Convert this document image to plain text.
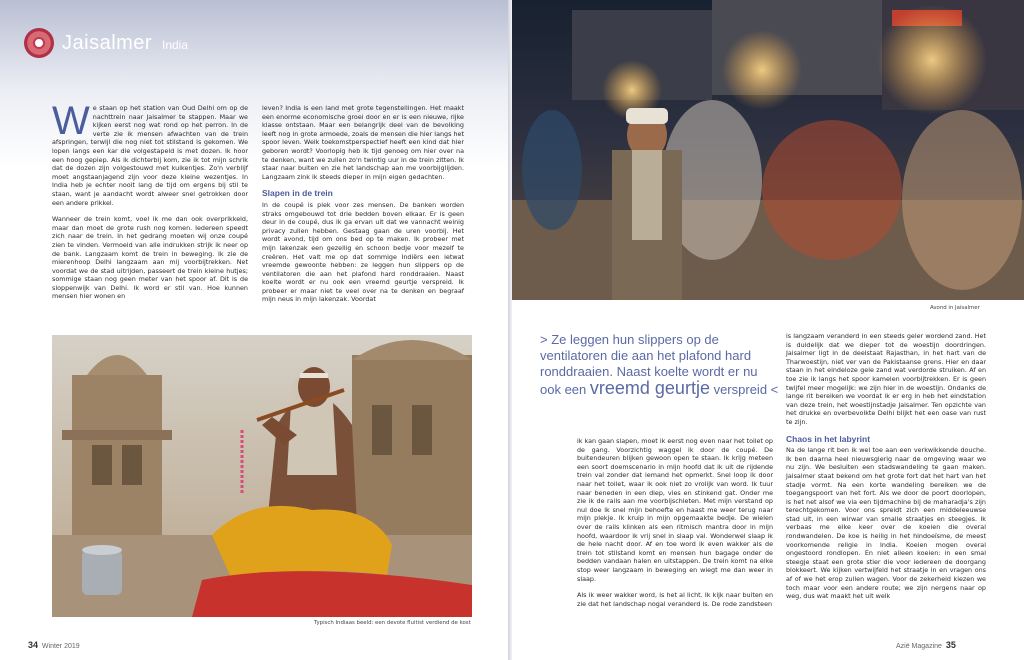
Jaisalmer India

We staan op het station van Oud Delhi om op de nachttrein naar Jaisalmer te stappen. Maar we kijken eerst nog wat rond op het perron. In de verte zie ik mensen afwachten van de trein afspringen, terwijl die nog niet tot stilstand is gekomen. We lopen langs een kar die volgestapeld is met dozen. Ik hoor een hoog gepiep. Als ik dichterbij kom, zie ik tot mijn schrik dat de dozen zijn volgestouwd met kuikentjes. Zo'n verblijf moet angstaanjagend zijn voor deze kleine wezentjes. In India heb je echter nooit lang de tijd om ergens bij stil te staan, want je aandacht wordt alweer snel getrokken door een andere prikkel.

Wanneer de trein komt, voel ik me dan ook overprikkeld, maar dan moet de grote rush nog komen. Iedereen speedt zich naar de trein. In het gedrang moeten wij onze coupé zien te vinden. Vermoeid van alle indrukken strijk ik neer op de bank. Langzaam komt de trein in beweging. Ik zie de mierenhoop Delhi langzaam aan mij voorbijtrekken. Net voordat we de stad uitrijden, passeert de trein kleine hutjes; sommige staan nog geen meter van het spoor af. Dit is de sloppenwijk van Delhi. Ik word er stil van. Hoe kunnen mensen hier wonen en

leven? India is een land met grote tegenstellingen. Het maakt een enorme economische groei door en er is een nieuwe, rijke klasse ontstaan. Maar een belangrijk deel van de bevolking leeft nog in grote armoede, zoals de mensen die hier langs het spoor leven. Welk toekomstperspectief heeft een kind dat hier geboren wordt? Voorlopig heb ik tijd genoeg om hier over na te denken, want we zullen zo'n twintig uur in de trein zitten. Ik staar naar buiten en zie het landschap aan me voorbijglijden. Langzaam zink ik steeds dieper in mijn eigen gedachten.

Slapen in de trein

In de coupé is plek voor zes mensen. De banken worden straks omgebouwd tot drie bedden boven elkaar. Er is geen deur in de coupé, dus ik ga ervan uit dat we vannacht weinig privacy zullen hebben. Gestaag gaan de uren voorbij. Het wordt avond, tijd om ons bed op te maken. Ik probeer met mijn lakenzak een gezellig en schoon bedje voor mezelf te creëren. Het valt me op dat sommige Indiërs een ietwat vreemde gewoonte hebben: ze leggen hun slippers op de ventilatoren die aan het plafond hard ronddraaien. Naast koelte wordt er nu ook een vreemd geurtje verspreid. Ik probeer er maar niet te veel over na te denken en begraaf mijn neus in mijn lakenzak. Voordat

Typisch Indiaas beeld: een devote fluitist verdiend de kost
34 Winter 2019
Avond in Jaisalmer
> Ze leggen hun slippers op de ventilatoren die aan het plafond hard ronddraaien. Naast koelte wordt er nu ook een vreemd geurtje verspreid <

ik kan gaan slapen, moet ik eerst nog even naar het toilet op de gang. Voorzichtig waggel ik door de coupé. De buitendeuren blijken gewoon open te staan. Ik krijg meteen een soort doemscenario in mijn hoofd dat ik uit de rijdende trein val zonder dat iemand het opmerkt. Snel loop ik door naar het toilet, waar ik ook niet zo vrolijk van word. Ik tuur naar beneden in een diep, vies en stinkend gat. Onder me zie ik de rails aan me voorbijschieten. Met mijn verstand op nul doe ik snel mijn behoefte en haast me weer terug naar mijn plekje. Ik kruip in mijn opgemaakte bedje. De wielen over de rails klinken als een ritmisch mantra door in mijn hoofd, waardoor ik vrij snel in slaap val. Wonderwel slaap ik de hele nacht door. Af en toe word ik even wakker als de trein tot stilstand komt en mensen hun bagage onder de bedden vandaan halen en uitstappen. De trein komt na elke stop weer langzaam in beweging en wiegt me dan weer in slaap.

Als ik weer wakker word, is het al licht. Ik kijk naar buiten en zie dat het landschap nogal veranderd is. De rode zandsteen

is langzaam veranderd in een steeds geler wordend zand. Het is duidelijk dat we dieper tot de woestijn doordringen. Jaisalmer ligt in de deelstaat Rajasthan, in het hart van de Tharwoestijn, niet ver van de Pakistaanse grens. Hier en daar staan in het eindeloze gele zand wat verdorde struiken. Af en toe zie ik langs het spoor kamelen voorbijtrekken. Er is geen twijfel meer mogelijk: we zijn hier in de woestijn. Ondanks de lange rit bereiken we voordat ik er erg in heb het eindstation van deze trein, het woestijnstadje Jaisalmer. Ten opzichte van het drukke en overbevolkte Delhi blijkt het een oase van rust te zijn.

Chaos in het labyrint

Na de lange rit ben ik wel toe aan een verkwikkende douche. Ik ben daarna heel nieuwsgierig naar de omgeving waar we nu zijn. We besluiten een stadswandeling te gaan maken. Jaisalmer staat bekend om het grote fort dat het hart van het stadje vormt. Na een korte wandeling bereiken we de toegangspoort van het fort. Als we door de poort doorlopen, is het net alsof we via een tijdmachine bij de maharadja's zijn terechtgekomen. Voor ons spreidt zich een middeleeuwse stad uit, in een wirwar van smalle straatjes en steegjes. Ik verbaas me elke keer over de koeien die overal rondwandelen. De koe is heilig in het hindoeïsme, de meest voorkomende religie in India. Koeien mogen overal ongestoord rondlopen. En niet alleen koeien: in een smal steegje staat een grote stier die voor iedereen de doorgang blokkeert. We kijken vertwijfeld het straatje in en vragen ons af of we het erop zullen wagen. Voor de zekerheid kiezen we toch maar voor een andere route; we zijn nergens naar op weg, dus wat maakt het uit welk

Azië Magazine 35
